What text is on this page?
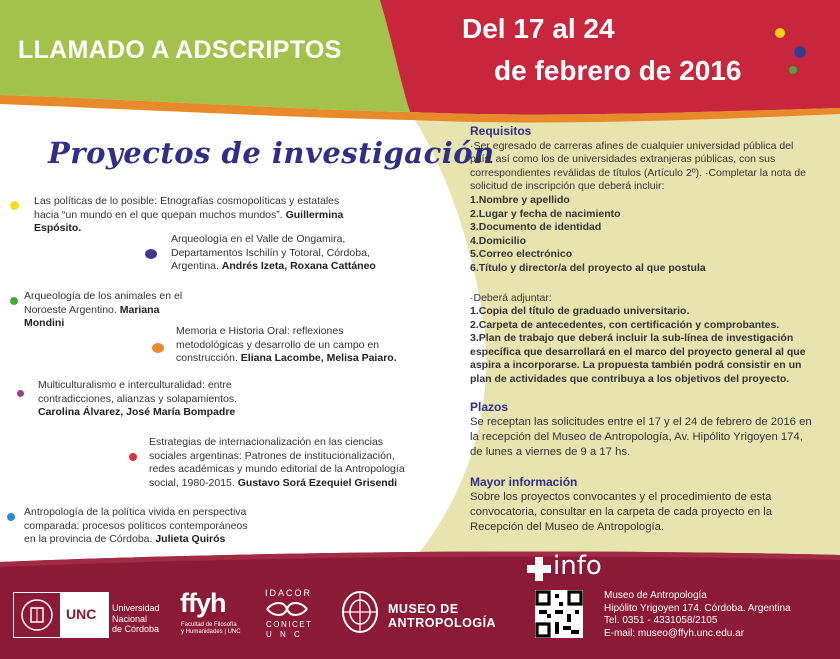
LLAMADO A ADSCRIPTOS
Del 17 al 24
de febrero de 2016
Proyectos de investigación

Las políticas de lo posible: Etnografías cosmopolíticas y estatales hacia “un mundo en el que quepan muchos mundos”. Guillermina Espósito.

Arqueología en el Valle de Ongamira, Departamentos Ischilín y Totoral, Córdoba, Argentina. Andrés Izeta, Roxana Cattáneo

Arqueología de los animales en el Noroeste Argentino. Mariana Mondini

Memoria e Historia Oral: reflexiones metodológicas y desarrollo de un campo en construcción. Eliana Lacombe, Melisa Paiaro.

Multiculturalismo e interculturalidad: entre contradicciones, alianzas y solapamientos. Carolina Álvarez, José María Bompadre

Estrategias de internacionalización en las ciencias sociales argentinas: Patrones de institucionalización, redes académicas y mundo editorial de la Antropología social, 1980-2015. Gustavo Sorá Ezequiel Grisendi

Antropología de la política vivida en perspectiva comparada: procesos políticos contemporáneos en la provincia de Córdoba. Julieta Quirós

Requisitos

·Ser egresado de carreras afines de cualquier universidad pública del país, así como los de universidades extranjeras públicas, con sus correspondientes reválidas de títulos (Artículo 2º). ·Completar la nota de solicitud de inscripción que deberá incluir:

1.Nombre y apellido
2.Lugar y fecha de nacimiento
3.Documento de identidad
4.Domicilio
5.Correo electrónico
6.Título y director/a del proyecto al que postula

·Deberá adjuntar:

1.Copia del título de graduado universitario.
2.Carpeta de antecedentes, con certificación y comprobantes.
3.Plan de trabajo que deberá incluir la sub-línea de investigación específica que desarrollará en el marco del proyecto general al que aspira a incorporarse. La propuesta también podrá consistir en un plan de actividades que contribuya a los objetivos del proyecto.
Plazos

Se receptan las solicitudes entre el 17 y el 24 de febrero de 2016 en la recepción del Museo de Antropología, Av. Hipólito Yrigoyen 174, de lunes a viernes de 9 a 17 hs.

Mayor información

Sobre los proyectos convocantes y el procedimiento de esta convocatoria, consultar en la carpeta de cada proyecto en la Recepción del Museo de Antropología.

info
Museo de Antropología
Hipólito Yrigoyen 174. Córdoba. Argentina
Tel. 0351 - 4331058/2105
E-mail: museo@ffyh.unc.edu.ar
UNC Universidad
Nacional
de Córdoba
ffyh
Facultad de Filosofía
y Humanidades | UNC
IDACOR
CONICET
U N C
MUSEO DE
ANTROPOLOGÍA
